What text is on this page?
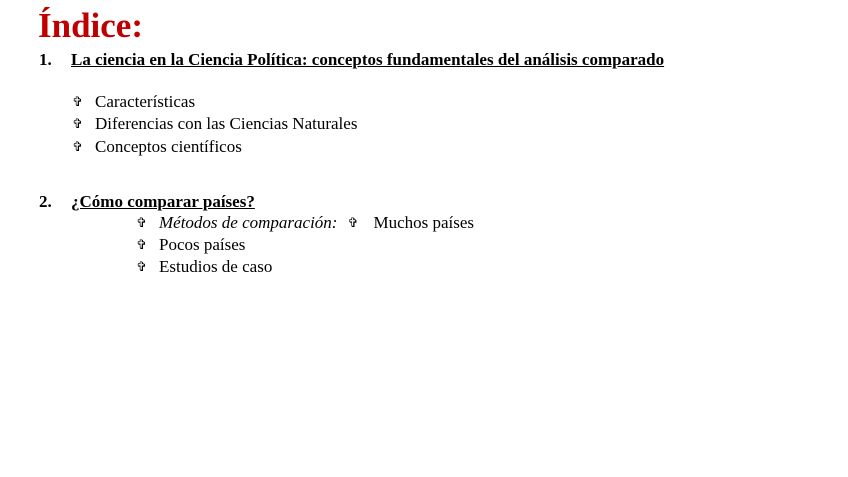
Índice:
1. La ciencia en la Ciencia Política: conceptos fundamentales del análisis comparado
✞ Características
✞ Diferencias con las Ciencias Naturales
✞ Conceptos científicos
2. ¿Cómo comparar países?
✞ Métodos de comparación: ✞ Muchos países
✞ Pocos países
✞ Estudios de caso
